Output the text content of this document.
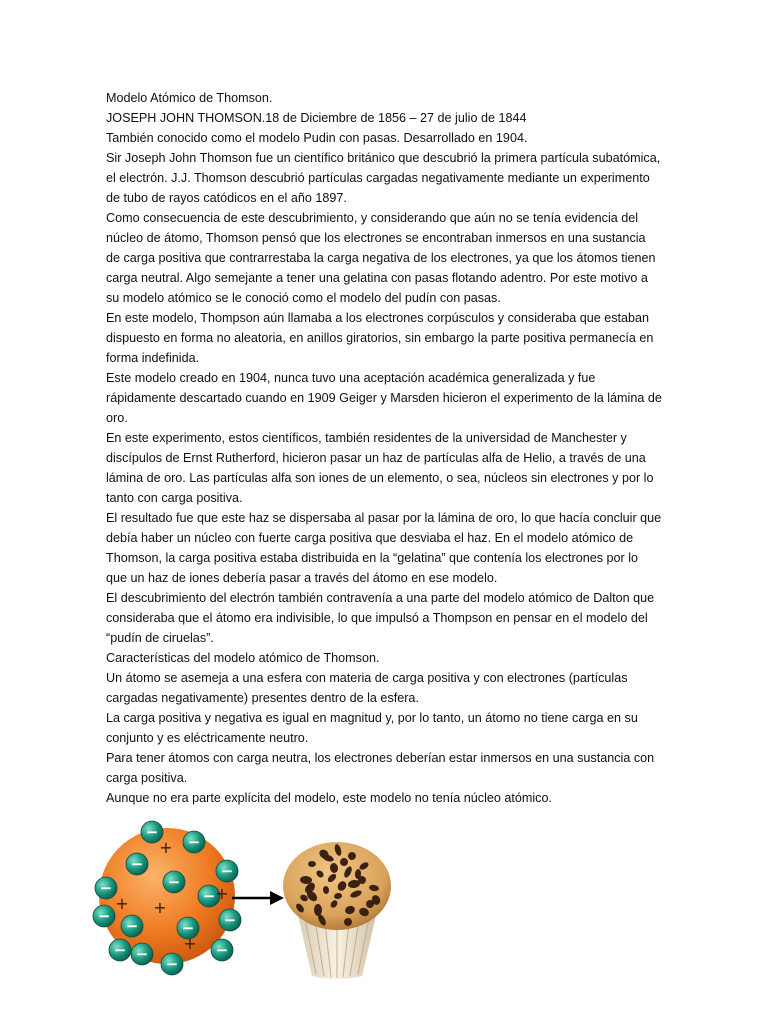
Modelo Atómico de Thomson.

JOSEPH JOHN THOMSON.18 de Diciembre de 1856 – 27 de julio de 1844

También conocido como el modelo Pudin con pasas. Desarrollado en 1904.

Sir Joseph John Thomson fue un científico británico que descubrió la primera partícula subatómica, el electrón. J.J. Thomson descubrió partículas cargadas negativamente mediante un experimento de tubo de rayos catódicos en el año 1897.

Como consecuencia de este descubrimiento, y considerando que aún no se tenía evidencia del núcleo de átomo, Thomson pensó que los electrones se encontraban inmersos en una sustancia de carga positiva que contrarrestaba la carga negativa de los electrones, ya que los átomos tienen carga neutral. Algo semejante a tener una gelatina con pasas flotando adentro. Por este motivo a su modelo atómico se le conoció como el modelo del pudín con pasas.

En este modelo, Thompson aún llamaba a los electrones corpúsculos y consideraba que estaban dispuesto en forma no aleatoria, en anillos giratorios, sin embargo la parte positiva permanecía en forma indefinida.

Este modelo creado en 1904, nunca tuvo una aceptación académica generalizada y fue rápidamente descartado cuando en 1909 Geiger y Marsden hicieron el experimento de la lámina de oro.

En este experimento, estos científicos, también residentes de la universidad de Manchester y discípulos de Ernst Rutherford, hicieron pasar un haz de partículas alfa de Helio, a través de una lámina de oro. Las partículas alfa son iones de un elemento, o sea, núcleos sin electrones y por lo tanto con carga positiva.

El resultado fue que este haz se dispersaba al pasar por la lámina de oro, lo que hacía concluir que debía haber un núcleo con fuerte carga positiva que desviaba el haz. En el modelo atómico de Thomson, la carga positiva estaba distribuida en la “gelatina” que contenía los electrones por lo que un haz de iones debería pasar a través del átomo en ese modelo.

El descubrimiento del electrón también contravenía a una parte del modelo atómico de Dalton que consideraba que el átomo era indivisible, lo que impulsó a Thompson en pensar en el modelo del “pudín de ciruelas”.

Características del modelo atómico de Thomson.

Un átomo se asemeja a una esfera con materia de carga positiva y con electrones (partículas cargadas negativamente) presentes dentro de la esfera.

La carga positiva y negativa es igual en magnitud y, por lo tanto, un átomo no tiene carga en su conjunto y es eléctricamente neutro.

Para tener átomos con carga neutra, los electrones deberían estar inmersos en una sustancia con carga positiva.

Aunque no era parte explícita del modelo, este modelo no tenía núcleo atómico.

−
−
−
−
−
−	−
−	− −
−
−
−
−
−
+
+
+
+
+
